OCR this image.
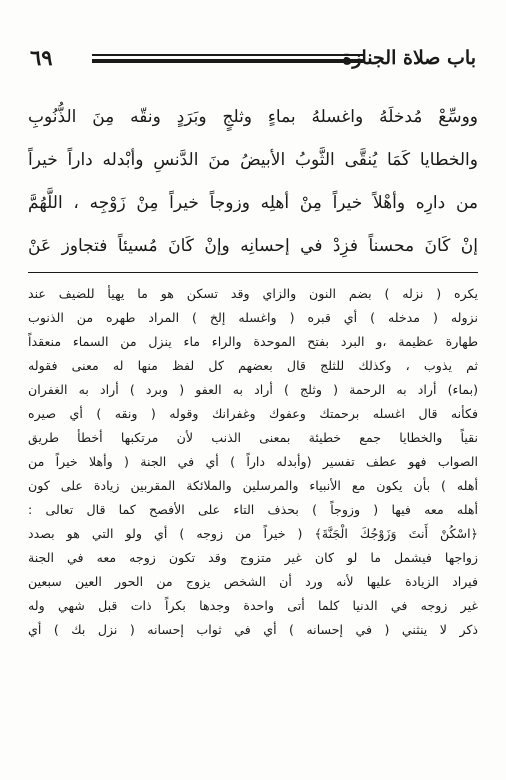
باب صلاة الجنازة
٦٩
ووسِّعْ مُدخلَهُ واغسلهُ بماءٍ وثلجٍ وبَرَدٍ ونقّه مِنَ الذُّنُوبِ
والخطايا كَمَا يُنقَّى الثَّوبُ الأبيضُ منَ الدَّنسِ وأبْدله داراً خيراً
من دارِه وأهْلاً خيراً مِنْ أهلِه وزوجاً خيراً مِنْ زَوْجِه ، اللَّهُمَّ
إنْ كَانَ محسناً فزِدْ في إحسانِه وإنْ كَانَ مُسيئاً فتجاوز عَنْ
يكره ( نزله ) بضم النون والزاي وقد تسكن هو ما يهيأ للضيف عند
نزوله ( مدخله ) أي قبره ( واغسله إلخ ) المراد طهره من الذنوب
طهارة عظيمة ،و البرد بفتح الموحدة والراء ماء ينزل من السماء منعقداً
ثم يذوب ، وكذلك للثلج قال بعضهم كل لفظ منها له معنى فقوله
(بماء) أراد به الرحمة ( وثلج ) أراد به العفو ( وبرد ) أراد به الغفران
فكأنه قال اغسله برحمتك وعفوك وغفرانك وقوله ( ونقه ) أي صيره
نقياً والخطايا جمع خطيئة بمعنى الذنب لأن مرتكبها أخطأ طريق
الصواب فهو عطف تفسير (وأبدله داراً ) أي في الجنة ( وأهلا خيراً من
أهله ) بأن يكون مع الأنبياء والمرسلين والملائكة المقربين زيادة على كون
أهله معه فيها ( وزوجاً ) بحذف التاء على الأفصح كما قال تعالى :
﴿اسْكُنْ أَنتَ وَزَوْجُكَ الْجَنَّةَ﴾ ( خيراً من زوجه ) أي ولو التي هو بصدد
زواجها فيشمل ما لو كان غير متزوج وقد تكون زوجه معه في الجنة
فيراد الزيادة عليها لأنه ورد أن الشخص يزوج من الحور العين سبعين
غير زوجه في الدنيا كلما أتى واحدة وجدها بكراً ذات قبل شهي وله
ذكر لا ينثني ( في إحسانه ) أي في ثواب إحسانه ( نزل بك ) أي
